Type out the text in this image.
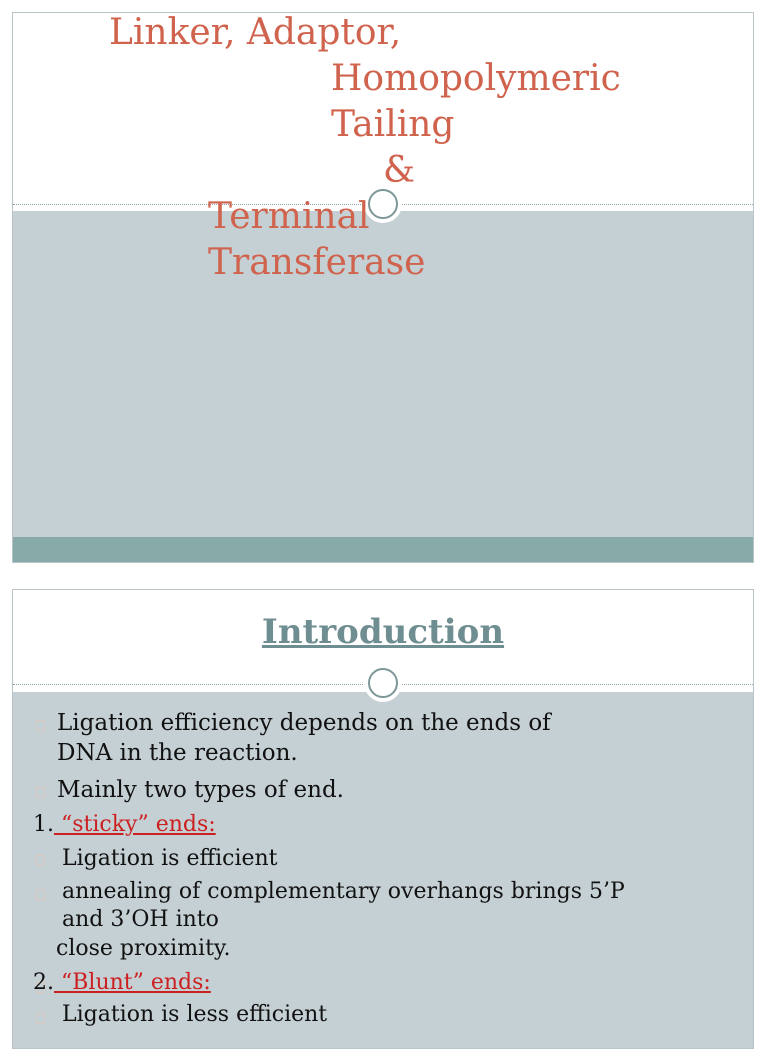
Linker, Adaptor,
Homopolymeric
Tailing
&
Terminal
Transferase
Introduction
Ligation efficiency depends on the ends of
DNA in the reaction.
Mainly two types of end.
1. “sticky” ends:
Ligation is efficient
annealing of complementary overhangs brings 5’P
and 3’OH into
close proximity.
2. “Blunt” ends:
Ligation is less efficient
